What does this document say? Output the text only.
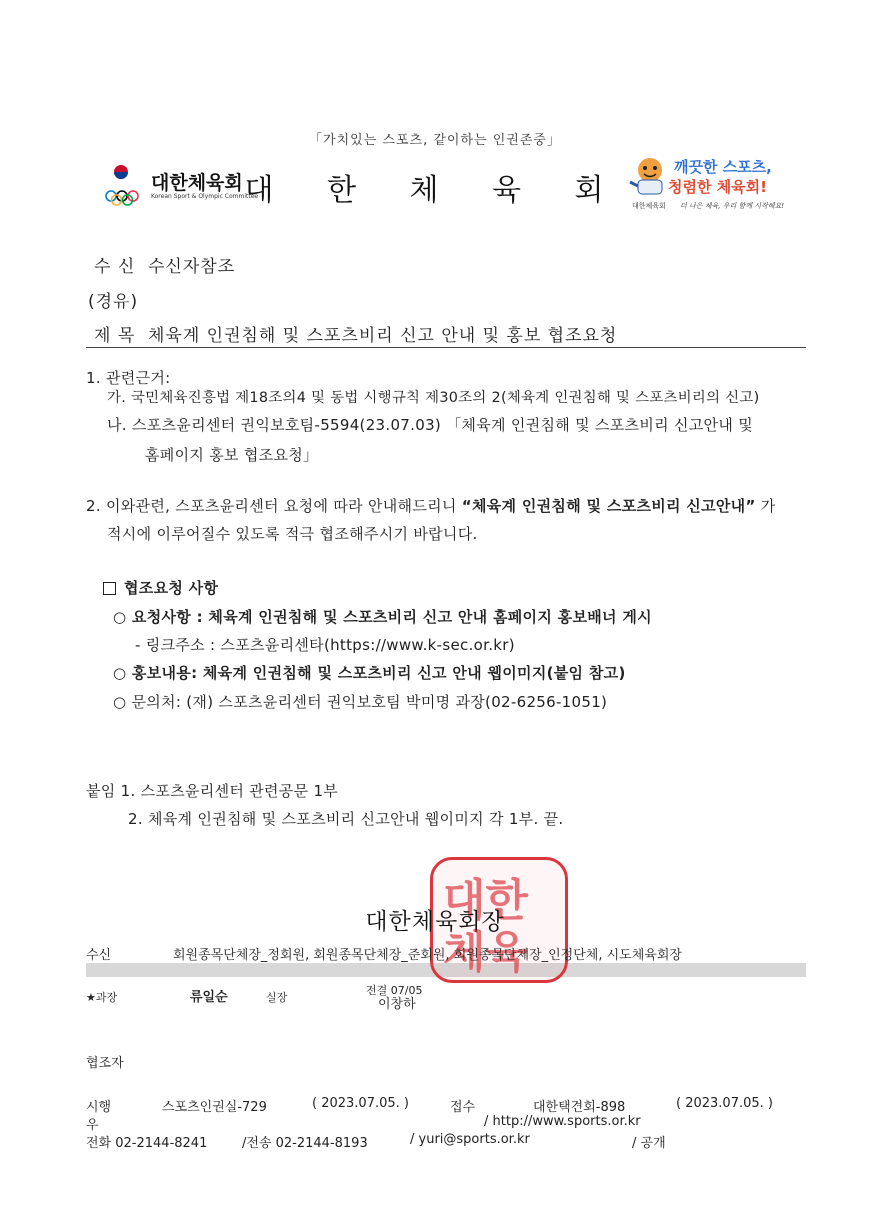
「가치있는 스포츠, 같이하는 인권존중」
대한체육회
Korean Sport & Olympic Committee
대 한 체 육 회
깨끗한 스포츠,
청렴한 체육회!
대한체육회 더 나은 체육, 우리 함께 시작해요!
수 신 수신자참조
(경유)
제 목 체육계 인권침해 및 스포츠비리 신고 안내 및 홍보 협조요청
1. 관련근거:
가. 국민체육진흥법 제18조의4 및 동법 시행규칙 제30조의 2(체육계 인권침해 및 스포츠비리의 신고)
나. 스포츠윤리센터 권익보호팀-5594(23.07.03) 「체육계 인권침해 및 스포츠비리 신고안내 및
홈페이지 홍보 협조요청」
2. 이와관련, 스포츠윤리센터 요청에 따라 안내해드리니 “체육계 인권침해 및 스포츠비리 신고안내” 가
적시에 이루어질수 있도록 적극 협조해주시기 바랍니다.
협조요청 사항
○ 요청사항 : 체육계 인권침해 및 스포츠비리 신고 안내 홈페이지 홍보배너 게시
- 링크주소 : 스포츠윤리센타(https://www.k-sec.or.kr)
○ 홍보내용: 체육계 인권침해 및 스포츠비리 신고 안내 웹이미지(붙임 참고)
○ 문의처: (재) 스포츠윤리센터 권익보호팀 박미명 과장(02-6256-1051)
붙임 1. 스포츠윤리센터 관련공문 1부
2. 체육계 인권침해 및 스포츠비리 신고안내 웹이미지 각 1부. 끝.
대한
체육
대한체육회장
수신	회원종목단체장_정회원, 회원종목단체장_준회원, 회원종목단체장_인정단체, 시도체육회장
★과장	류일순	실장
전결 07/05
이창하
협조자
시행	스포츠인권실-729	( 2023.07.05. )	접수	대한택견회-898	( 2023.07.05. )
우	/ http://www.sports.or.kr
전화 02-2144-8241	/전송 02-2144-8193	/ yuri@sports.or.kr	/ 공개
